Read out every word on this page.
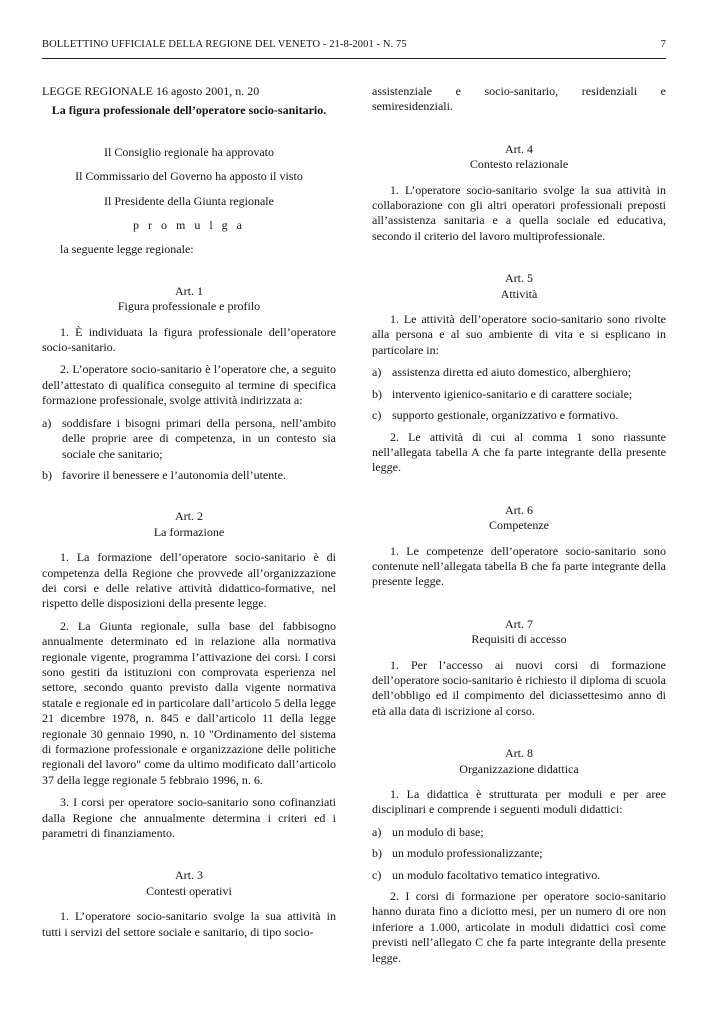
BOLLETTINO UFFICIALE DELLA REGIONE DEL VENETO - 21-8-2001 - N. 75	7

LEGGE REGIONALE 16 agosto 2001, n. 20

La figura professionale dell’operatore socio-sanitario.

Il Consiglio regionale ha approvato

Il Commissario del Governo ha apposto il visto

Il Presidente della Giunta regionale

p r o m u l g a

la seguente legge regionale:

Art. 1

Figura professionale e profilo

1. È individuata la figura professionale dell’operatore socio-sanitario.

2. L’operatore socio-sanitario è l’operatore che, a seguito dell’attestato di qualifica conseguito al termine di specifica formazione professionale, svolge attività indirizzata a:

a) soddisfare i bisogni primari della persona, nell’ambito delle proprie aree di competenza, in un contesto sia sociale che sanitario;
b) favorire il benessere e l’autonomia dell’utente.

Art. 2

La formazione

1. La formazione dell’operatore socio-sanitario è di competenza della Regione che provvede all’organizzazione dei corsi e delle relative attività didattico-formative, nel rispetto delle disposizioni della presente legge.

2. La Giunta regionale, sulla base del fabbisogno annualmente determinato ed in relazione alla normativa regionale vigente, programma l’attivazione dei corsi. I corsi sono gestiti da istituzioni con comprovata esperienza nel settore, secondo quanto previsto dalla vigente normativa statale e regionale ed in particolare dall’articolo 5 della legge 21 dicembre 1978, n. 845 e dall’articolo 11 della legge regionale 30 gennaio 1990, n. 10 "Ordinamento del sistema di formazione professionale e organizzazione delle politiche regionali del lavoro" come da ultimo modificato dall’articolo 37 della legge regionale 5 febbraio 1996, n. 6.

3. I corsi per operatore socio-sanitario sono cofinanziati dalla Regione che annualmente determina i criteri ed i parametri di finanziamento.

Art. 3

Contesti operativi

1. L’operatore socio-sanitario svolge la sua attività in tutti i servizi del settore sociale e sanitario, di tipo socio-

assistenziale e socio-sanitario, residenziali e semiresidenziali.

Art. 4

Contesto relazionale

1. L’operatore socio-sanitario svolge la sua attività in collaborazione con gli altri operatori professionali preposti all’assistenza sanitaria e a quella sociale ed educativa, secondo il criterio del lavoro multiprofessionale.

Art. 5

Attività

1. Le attività dell’operatore socio-sanitario sono rivolte alla persona e al suo ambiente di vita e si esplicano in particolare in:

a) assistenza diretta ed aiuto domestico, alberghiero;
b) intervento igienico-sanitario e di carattere sociale;
c) supporto gestionale, organizzativo e formativo.

2. Le attività di cui al comma 1 sono riassunte nell’allegata tabella A che fa parte integrante della presente legge.

Art. 6

Competenze

1. Le competenze dell’operatore socio-sanitario sono contenute nell’allegata tabella B che fa parte integrante della presente legge.

Art. 7

Requisiti di accesso

1. Per l’accesso ai nuovi corsi di formazione dell’operatore socio-sanitario è richiesto il diploma di scuola dell’obbligo ed il compimento del diciassettesimo anno di età alla data di iscrizione al corso.

Art. 8

Organizzazione didattica

1. La didattica è strutturata per moduli e per aree disciplinari e comprende i seguenti moduli didattici:

a) un modulo di base;
b) un modulo professionalizzante;
c) un modulo facoltativo tematico integrativo.

2. I corsi di formazione per operatore socio-sanitario hanno durata fino a diciotto mesi, per un numero di ore non inferiore a 1.000, articolate in moduli didattici così come previsti nell’allegato C che fa parte integrante della presente legge.
